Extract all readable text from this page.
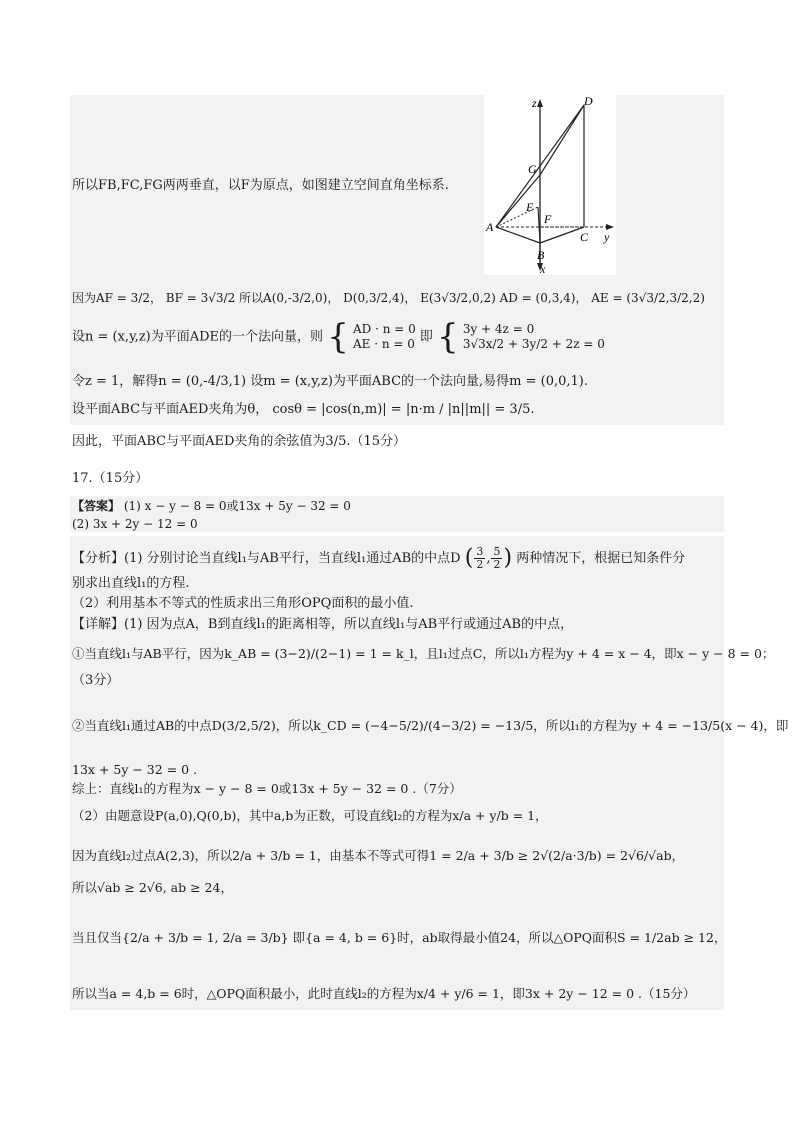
所以FB,FC,FG两两垂直，以F为原点，如图建立空间直角坐标系.
z	D
G
E
F
A
C y
B
x
因为AF = 3/2， BF = 3√3/2 所以A(0,-3/2,0)， D(0,3/2,4)， E(3√3/2,0,2) AD = (0,3,4)， AE = (3√3/2,3/2,2)
设n = (x,y,z)为平面ADE的一个法向量，则 { AD · n = 0
AE · n = 0 即 { 3y + 4z = 0
3√3x/2 + 3y/2 + 2z = 0
令z = 1，解得n = (0,-4/3,1) 设m = (x,y,z)为平面ABC的一个法向量,易得m = (0,0,1).
设平面ABC与平面AED夹角为θ， cosθ = |cos(n,m)| = |n·m / |n||m|| = 3/5.
因此，平面ABC与平面AED夹角的余弦值为3/5.（15分）
17.（15分）
【答案】 (1) x − y − 8 = 0或13x + 5y − 32 = 0
(2) 3x + 2y − 12 = 0
【分析】(1) 分别讨论当直线l₁与AB平行，当直线l₁通过AB的中点D ( $\frac{3}{2}$ , $\frac{5}{2}$ ) 两种情况下，根据已知条件分
别求出直线l₁的方程.
（2）利用基本不等式的性质求出三角形OPQ面积的最小值.
【详解】(1) 因为点A，B到直线l₁的距离相等，所以直线l₁与AB平行或通过AB的中点，
①当直线l₁与AB平行，因为k_AB = (3−2)/(2−1) = 1 = k_l，且l₁过点C，所以l₁方程为y + 4 = x − 4，即x − y − 8 = 0；
（3分）
②当直线l₁通过AB的中点D(3/2,5/2)，所以k_CD = (−4−5/2)/(4−3/2) = −13/5，所以l₁的方程为y + 4 = −13/5(x − 4)，即
13x + 5y − 32 = 0 .
综上：直线l₁的方程为x − y − 8 = 0或13x + 5y − 32 = 0 .（7分）
（2）由题意设P(a,0),Q(0,b)，其中a,b为正数，可设直线l₂的方程为x/a + y/b = 1，
因为直线l₂过点A(2,3)，所以2/a + 3/b = 1，由基本不等式可得1 = 2/a + 3/b ≥ 2√(2/a·3/b) = 2√6/√ab，
所以√ab ≥ 2√6, ab ≥ 24，
当且仅当{2/a + 3/b = 1, 2/a = 3/b} 即{a = 4, b = 6}时，ab取得最小值24，所以△OPQ面积S = 1/2ab ≥ 12，
所以当a = 4,b = 6时，△OPQ面积最小，此时直线l₂的方程为x/4 + y/6 = 1，即3x + 2y − 12 = 0 .（15分）
